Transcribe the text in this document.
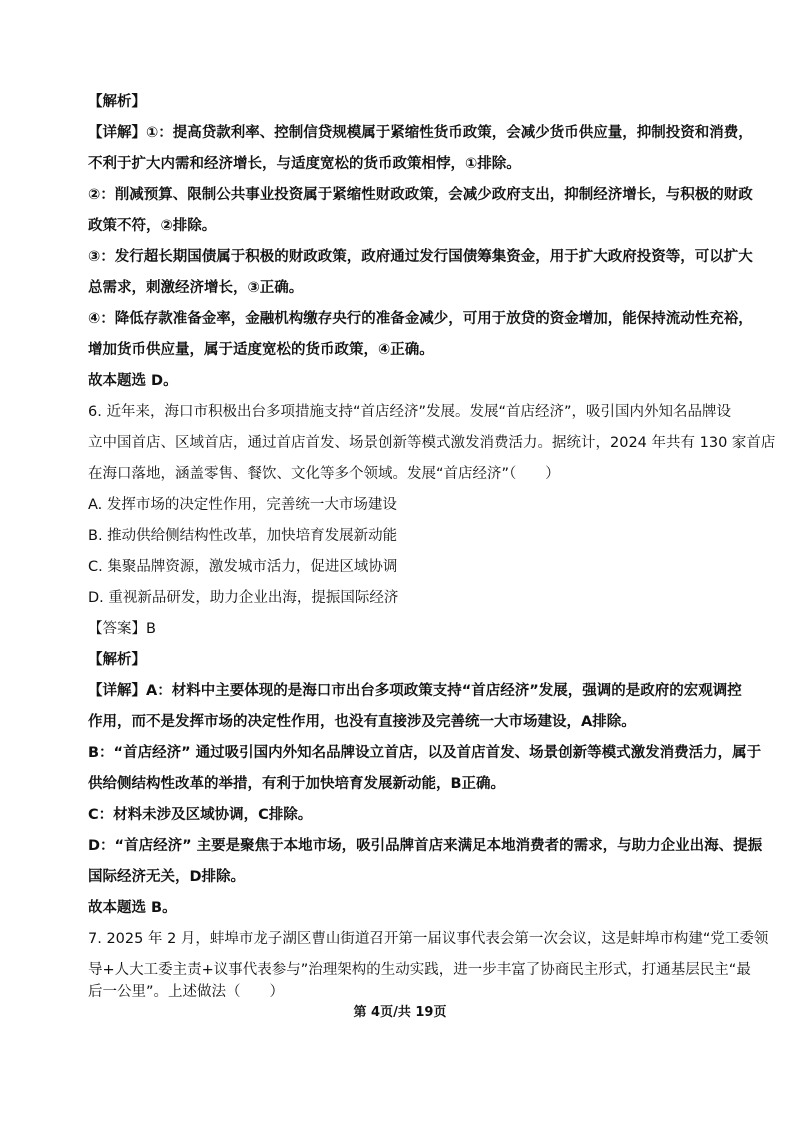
【解析】
【详解】①：提高贷款利率、控制信贷规模属于紧缩性货币政策，会减少货币供应量，抑制投资和消费，
不利于扩大内需和经济增长，与适度宽松的货币政策相悖，①排除。
②：削减预算、限制公共事业投资属于紧缩性财政政策，会减少政府支出，抑制经济增长，与积极的财政
政策不符，②排除。
③：发行超长期国债属于积极的财政政策，政府通过发行国债筹集资金，用于扩大政府投资等，可以扩大
总需求，刺激经济增长，③正确。
④：降低存款准备金率，金融机构缴存央行的准备金减少，可用于放贷的资金增加，能保持流动性充裕，
增加货币供应量，属于适度宽松的货币政策，④正确。
故本题选 D。
6. 近年来，海口市积极出台多项措施支持“首店经济”发展。发展“首店经济”，吸引国内外知名品牌设
立中国首店、区域首店，通过首店首发、场景创新等模式激发消费活力。据统计，2024 年共有 130 家首店
在海口落地，涵盖零售、餐饮、文化等多个领域。发展“首店经济”（　　）
A. 发挥市场的决定性作用，完善统一大市场建设
B. 推动供给侧结构性改革，加快培育发展新动能
C. 集聚品牌资源，激发城市活力，促进区域协调
D. 重视新品研发，助力企业出海，提振国际经济
【答案】B
【解析】
【详解】A：材料中主要体现的是海口市出台多项政策支持“首店经济”发展，强调的是政府的宏观调控
作用，而不是发挥市场的决定性作用，也没有直接涉及完善统一大市场建设，A排除。
B：“首店经济” 通过吸引国内外知名品牌设立首店，以及首店首发、场景创新等模式激发消费活力，属于
供给侧结构性改革的举措，有利于加快培育发展新动能，B正确。
C：材料未涉及区域协调，C排除。
D：“首店经济” 主要是聚焦于本地市场，吸引品牌首店来满足本地消费者的需求，与助力企业出海、提振
国际经济无关，D排除。
故本题选 B。
7. 2025 年 2 月，蚌埠市龙子湖区曹山街道召开第一届议事代表会第一次会议，这是蚌埠市构建“党工委领
导+人大工委主责+议事代表参与”治理架构的生动实践，进一步丰富了协商民主形式，打通基层民主“最
后一公里”。上述做法（　　）
第 4页/共 19页
